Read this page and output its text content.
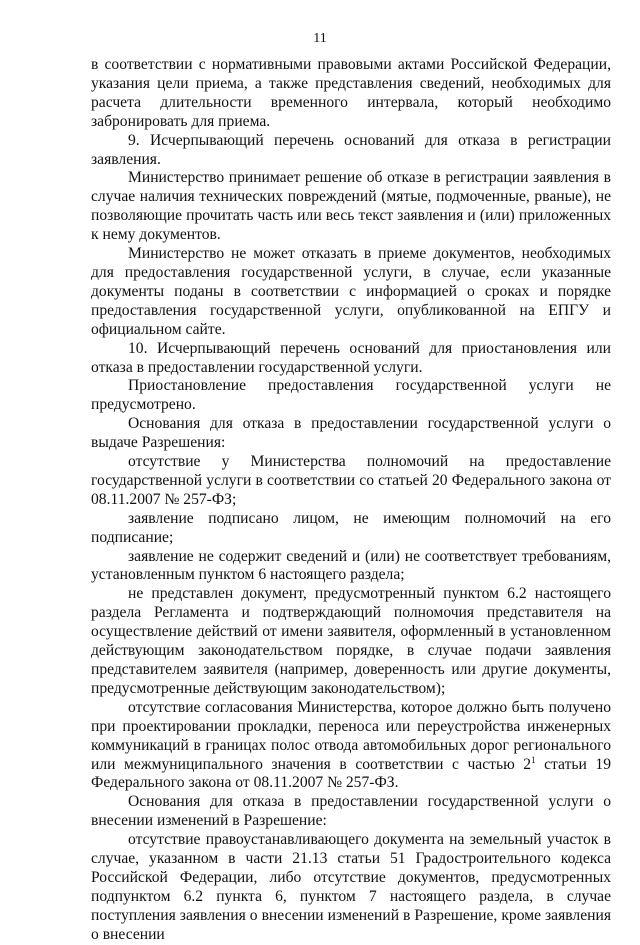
11

в соответствии с нормативными правовыми актами Российской Федерации, указания цели приема, а также представления сведений, необходимых для расчета длительности временного интервала, который необходимо забронировать для приема.

9. Исчерпывающий перечень оснований для отказа в регистрации заявления.

Министерство принимает решение об отказе в регистрации заявления в случае наличия технических повреждений (мятые, подмоченные, рваные), не позволяющие прочитать часть или весь текст заявления и (или) приложенных к нему документов.

Министерство не может отказать в приеме документов, необходимых для предоставления государственной услуги, в случае, если указанные документы поданы в соответствии с информацией о сроках и порядке предоставления государственной услуги, опубликованной на ЕПГУ и официальном сайте.

10. Исчерпывающий перечень оснований для приостановления или отказа в предоставлении государственной услуги.

Приостановление предоставления государственной услуги не предусмотрено.

Основания для отказа в предоставлении государственной услуги о выдаче Разрешения:

отсутствие у Министерства полномочий на предоставление государственной услуги в соответствии со статьей 20 Федерального закона от 08.11.2007 № 257-ФЗ;

заявление подписано лицом, не имеющим полномочий на его подписание;

заявление не содержит сведений и (или) не соответствует требованиям, установленным пунктом 6 настоящего раздела;

не представлен документ, предусмотренный пунктом 6.2 настоящего раздела Регламента и подтверждающий полномочия представителя на осуществление действий от имени заявителя, оформленный в установленном действующим законодательством порядке, в случае подачи заявления представителем заявителя (например, доверенность или другие документы, предусмотренные действующим законодательством);

отсутствие согласования Министерства, которое должно быть получено при проектировании прокладки, переноса или переустройства инженерных коммуникаций в границах полос отвода автомобильных дорог регионального или межмуниципального значения в соответствии с частью $2^1$ статьи 19 Федерального закона от 08.11.2007 № 257-ФЗ.

Основания для отказа в предоставлении государственной услуги о внесении изменений в Разрешение:

отсутствие правоустанавливающего документа на земельный участок в случае, указанном в части 21.13 статьи 51 Градостроительного кодекса Российской Федерации, либо отсутствие документов, предусмотренных подпунктом 6.2 пункта 6, пунктом 7 настоящего раздела, в случае поступления заявления о внесении изменений в Разрешение, кроме заявления о внесении
